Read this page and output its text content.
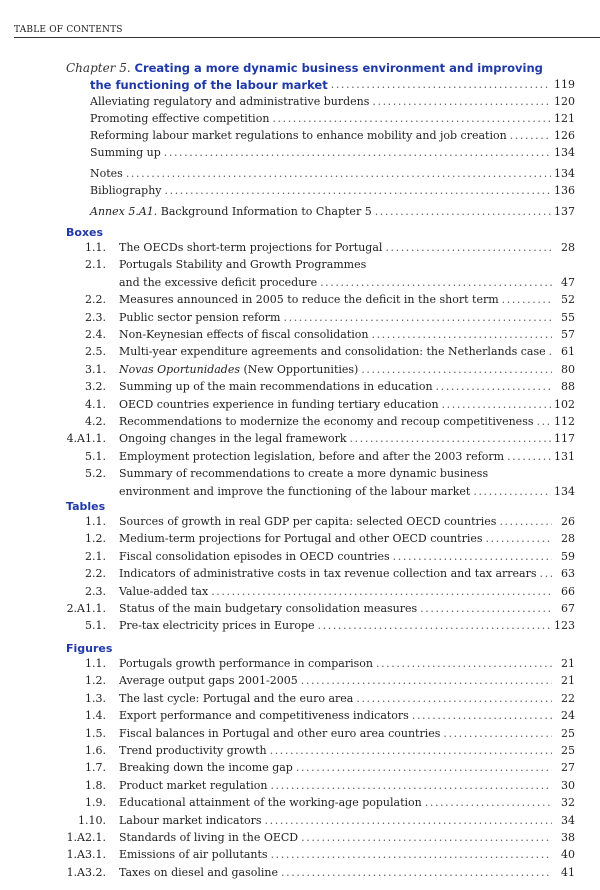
TABLE OF CONTENTS
Chapter 5. Creating a more dynamic business environment and improving
the functioning of the labour market .....	119
Alleviating regulatory and administrative burdens .....	120
Promoting effective competition .....	121
Reforming labour market regulations to enhance mobility and job creation .....	126
Summing up .....	134
Notes .....	134
Bibliography .....	136
Annex 5.A1. Background Information to Chapter 5 .....	137
Boxes
1.1. The OECDs short-term projections for Portugal .....	28
2.1. Portugals Stability and Growth Programmes
and the excessive deficit procedure .....	47
2.2. Measures announced in 2005 to reduce the deficit in the short term .....	52
2.3. Public sector pension reform .....	55
2.4. Non-Keynesian effects of fiscal consolidation .....	57
2.5. Multi-year expenditure agreements and consolidation: the Netherlands case .....	61
3.1. Novas Oportunidades (New Opportunities) .....	80
3.2. Summing up of the main recommendations in education .....	88
4.1. OECD countries experience in funding tertiary education .....	102
4.2. Recommendations to modernize the economy and recoup competitiveness ..... 112
4.A1.1. Ongoing changes in the legal framework .....	117
5.1. Employment protection legislation, before and after the 2003 reform .....	131
5.2. Summary of recommendations to create a more dynamic business
environment and improve the functioning of the labour market .....	134
Tables
1.1. Sources of growth in real GDP per capita: selected OECD countries .....	26
1.2. Medium-term projections for Portugal and other OECD countries .....	28
2.1. Fiscal consolidation episodes in OECD countries .....	59
2.2. Indicators of administrative costs in tax revenue collection and tax arrears .....	63
2.3. Value-added tax .....	66
2.A1.1. Status of the main budgetary consolidation measures .....	67
5.1. Pre-tax electricity prices in Europe .....	123
Figures
1.1. Portugals growth performance in comparison .....	21
1.2. Average output gaps 2001-2005 .....	21
1.3. The last cycle: Portugal and the euro area .....	22
1.4. Export performance and competitiveness indicators .....	24
1.5. Fiscal balances in Portugal and other euro area countries .....	25
1.6. Trend productivity growth .....	25
1.7. Breaking down the income gap .....	27
1.8. Product market regulation .....	30
1.9. Educational attainment of the working-age population .....	32
1.10. Labour market indicators .....	34
1.A2.1. Standards of living in the OECD .....	38
1.A3.1. Emissions of air pollutants .....	40
1.A3.2. Taxes on diesel and gasoline .....	41
